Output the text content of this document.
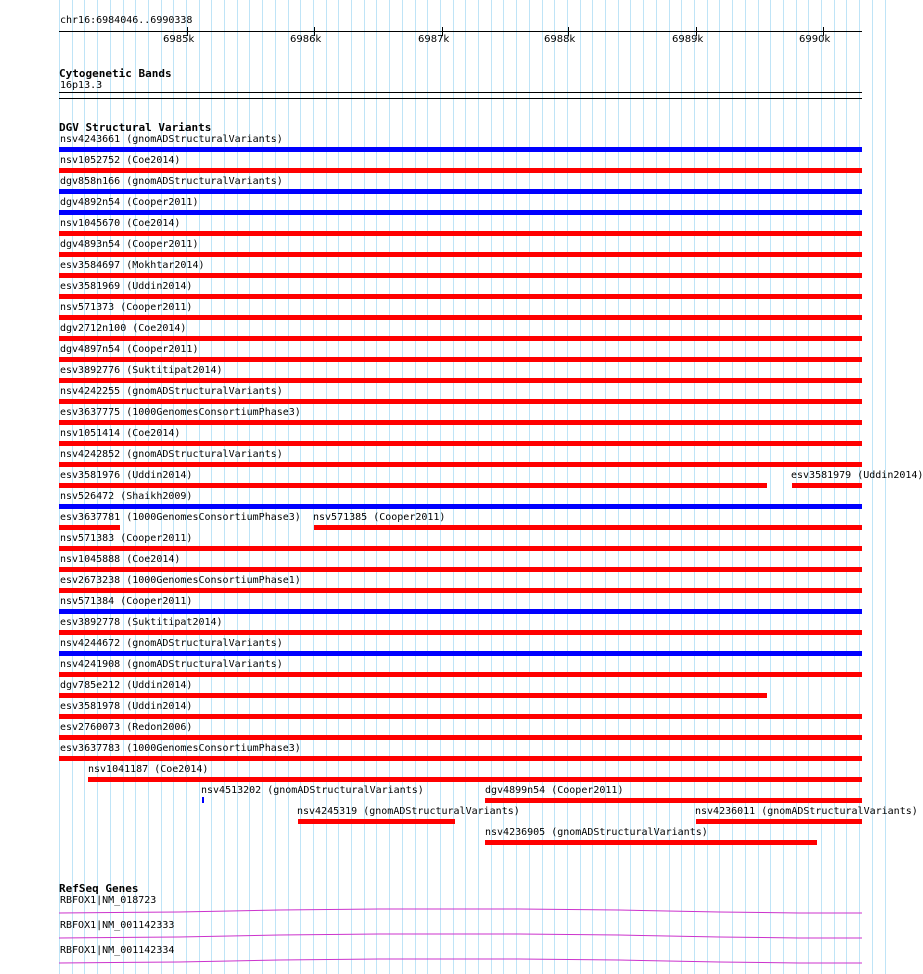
chr16:6984046..6990338
6985k	6986k	6987k	6988k	6989k	6990k
Cytogenetic Bands
16p13.3
DGV Structural Variants
nsv4243661 (gnomADStructuralVariants)
nsv1052752 (Coe2014)
dgv858n166 (gnomADStructuralVariants)
dgv4892n54 (Cooper2011)
nsv1045670 (Coe2014)
dgv4893n54 (Cooper2011)
esv3584697 (Mokhtar2014)
esv3581969 (Uddin2014)
nsv571373 (Cooper2011)
dgv2712n100 (Coe2014)
dgv4897n54 (Cooper2011)
esv3892776 (Suktitipat2014)
nsv4242255 (gnomADStructuralVariants)
esv3637775 (1000GenomesConsortiumPhase3)
nsv1051414 (Coe2014)
nsv4242852 (gnomADStructuralVariants)
esv3581976 (Uddin2014)	esv3581979 (Uddin2014)
nsv526472 (Shaikh2009)
esv3637781 (1000GenomesConsortiumPhase3) nsv571385 (Cooper2011)
nsv571383 (Cooper2011)
nsv1045888 (Coe2014)
esv2673238 (1000GenomesConsortiumPhase1)
nsv571384 (Cooper2011)
esv3892778 (Suktitipat2014)
nsv4244672 (gnomADStructuralVariants)
nsv4241908 (gnomADStructuralVariants)
dgv785e212 (Uddin2014)
esv3581978 (Uddin2014)
esv2760073 (Redon2006)
esv3637783 (1000GenomesConsortiumPhase3)
nsv1041187 (Coe2014)
nsv4513202 (gnomADStructuralVariants)	dgv4899n54 (Cooper2011)
nsv4245319 (gnomADStructuralVariants)	nsv4236011 (gnomADStructuralVariants)
nsv4236905 (gnomADStructuralVariants)
RefSeq Genes
RBFOX1|NM_018723
RBFOX1|NM_001142333
RBFOX1|NM_001142334
